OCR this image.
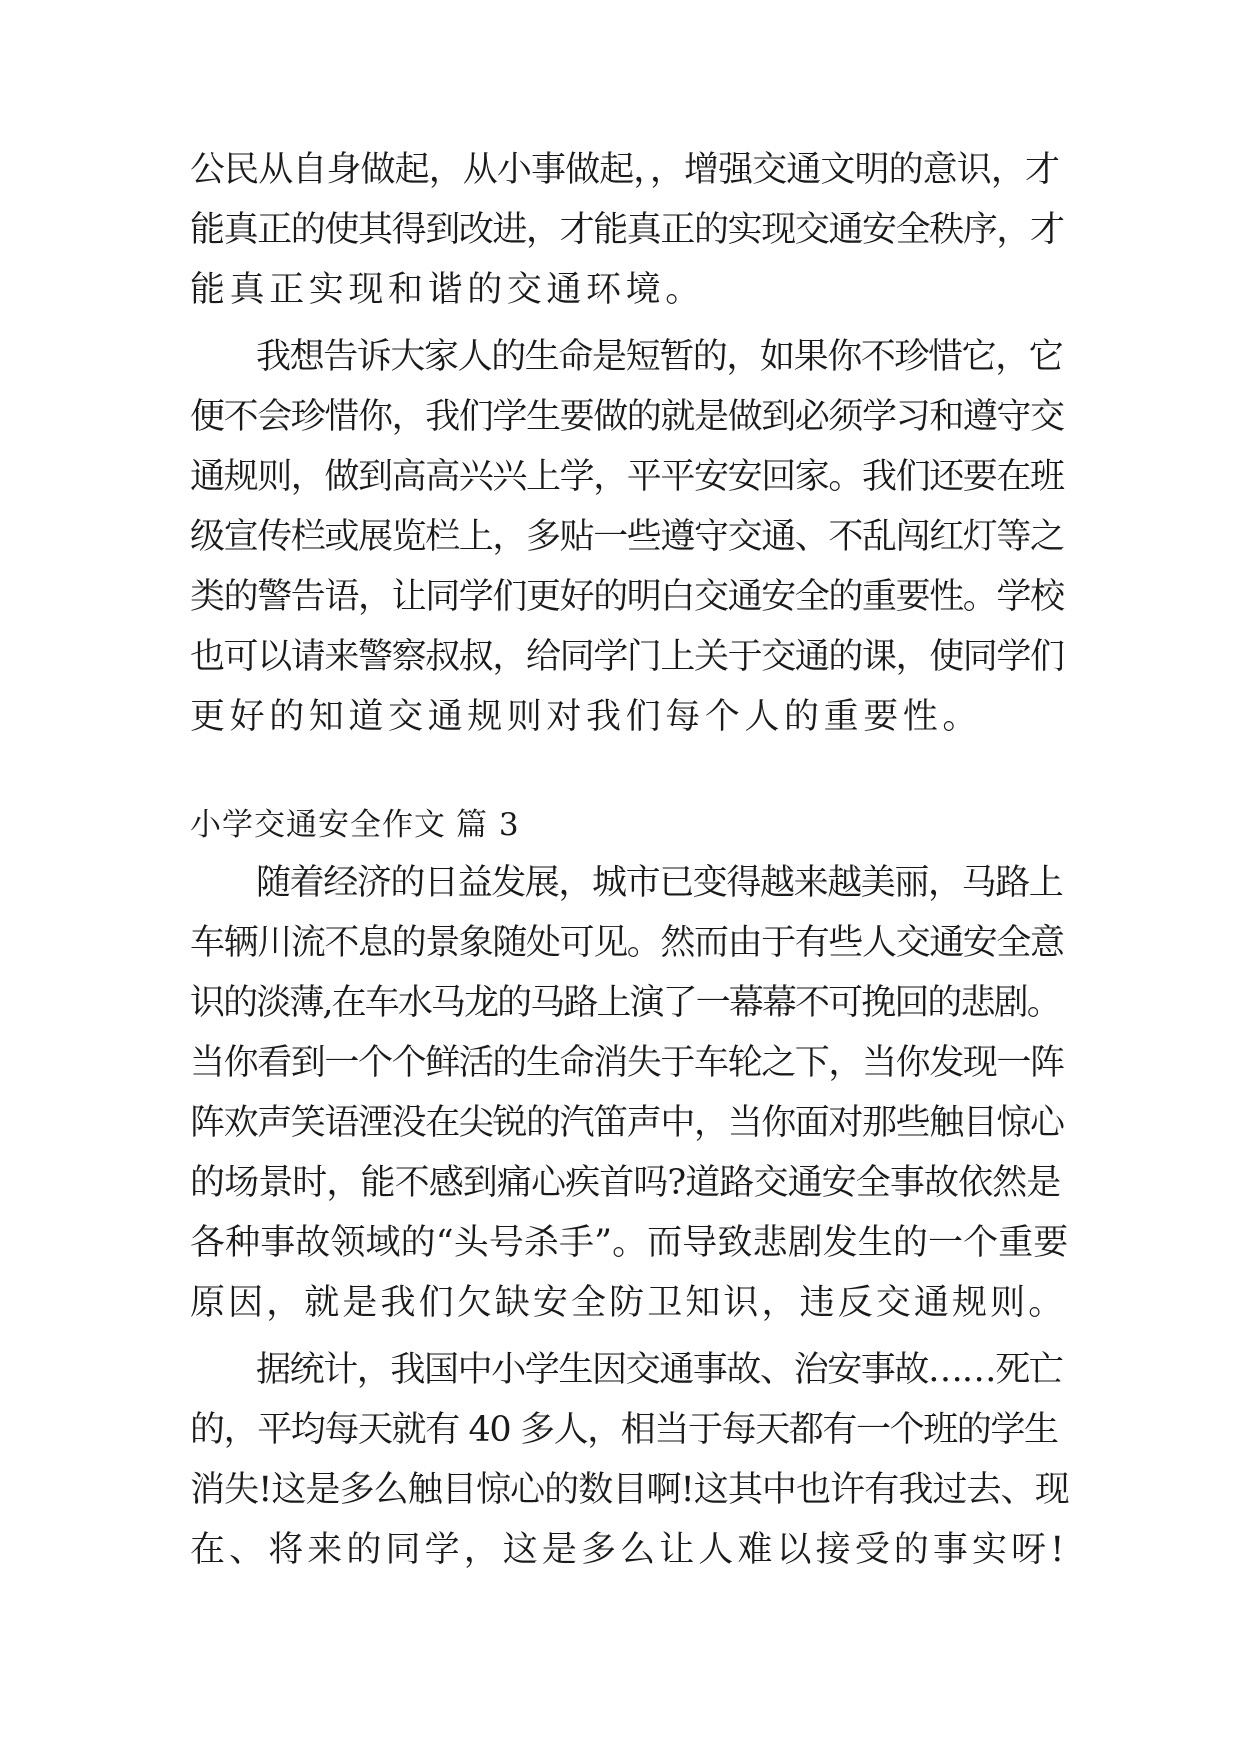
公民从自身做起，从小事做起，，增强交通文明的意识，才
能真正的使其得到改进，才能真正的实现交通安全秩序，才
能真正实现和谐的交通环境。
我想告诉大家人的生命是短暂的，如果你不珍惜它，它
便不会珍惜你，我们学生要做的就是做到必须学习和遵守交
通规则，做到高高兴兴上学，平平安安回家。我们还要在班
级宣传栏或展览栏上，多贴一些遵守交通、不乱闯红灯等之
类的警告语，让同学们更好的明白交通安全的重要性。学校
也可以请来警察叔叔，给同学门上关于交通的课，使同学们
更好的知道交通规则对我们每个人的重要性。
小学交通安全作文 篇 3
随着经济的日益发展，城市已变得越来越美丽，马路上
车辆川流不息的景象随处可见。然而由于有些人交通安全意
识的淡薄,在车水马龙的马路上演了一幕幕不可挽回的悲剧。
当你看到一个个鲜活的生命消失于车轮之下，当你发现一阵
阵欢声笑语湮没在尖锐的汽笛声中，当你面对那些触目惊心
的场景时，能不感到痛心疾首吗?道路交通安全事故依然是
各种事故领域的“头号杀手”。而导致悲剧发生的一个重要
原因，就是我们欠缺安全防卫知识，违反交通规则。
据统计，我国中小学生因交通事故、治安事故……死亡
的，平均每天就有 40 多人，相当于每天都有一个班的学生
消失!这是多么触目惊心的数目啊!这其中也许有我过去、现
在、将来的同学，这是多么让人难以接受的事实呀!
